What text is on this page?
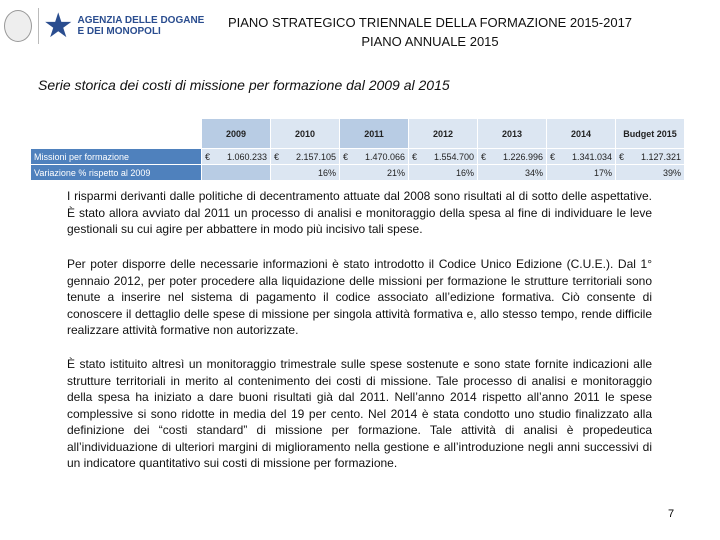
★ AGENZIA DELLE DOGANE
E DEI MONOPOLI
PIANO STRATEGICO TRIENNALE DELLA FORMAZIONE 2015-2017
PIANO ANNUALE 2015
Serie storica dei costi di missione per formazione dal 2009 al 2015
	2009	2010	2011	2012	2013	2014	Budget 2015
Missioni per formazione	€ 1.060.233	€ 2.157.105	€ 1.470.066	€ 1.554.700	€ 1.226.996	€ 1.341.034	€ 1.127.321
Variazione % rispetto al 2009		16%	21%	16%	34%	17%	39%
I risparmi derivanti dalle politiche di decentramento attuate dal 2008 sono risultati al di sotto delle aspettative. È stato allora avviato dal 2011 un processo di analisi e monitoraggio della spesa al fine di individuare le leve gestionali su cui agire per abbattere in modo più incisivo tali spese.
Per poter disporre delle necessarie informazioni è stato introdotto il Codice Unico Edizione (C.U.E.). Dal 1° gennaio 2012, per poter procedere alla liquidazione delle missioni per formazione le strutture territoriali sono tenute a inserire nel sistema di pagamento il codice associato all’edizione formativa. Ciò consente di conoscere il dettaglio delle spese di missione per singola attività formativa e, allo stesso tempo, rende difficile realizzare attività formative non autorizzate.
È stato istituito altresì un monitoraggio trimestrale sulle spese sostenute e sono state fornite indicazioni alle strutture territoriali in merito al contenimento dei costi di missione. Tale processo di analisi e monitoraggio della spesa ha iniziato a dare buoni risultati già dal 2011. Nell’anno 2014 rispetto all’anno 2011 le spese complessive si sono ridotte in media del 19 per cento. Nel 2014 è stata condotto uno studio finalizzato alla definizione dei “costi standard” di missione per formazione. Tale attività di analisi è propedeutica all’individuazione di ulteriori margini di miglioramento nella gestione e all’introduzione negli anni successivi di un indicatore quantitativo sui costi di missione per formazione.
7
